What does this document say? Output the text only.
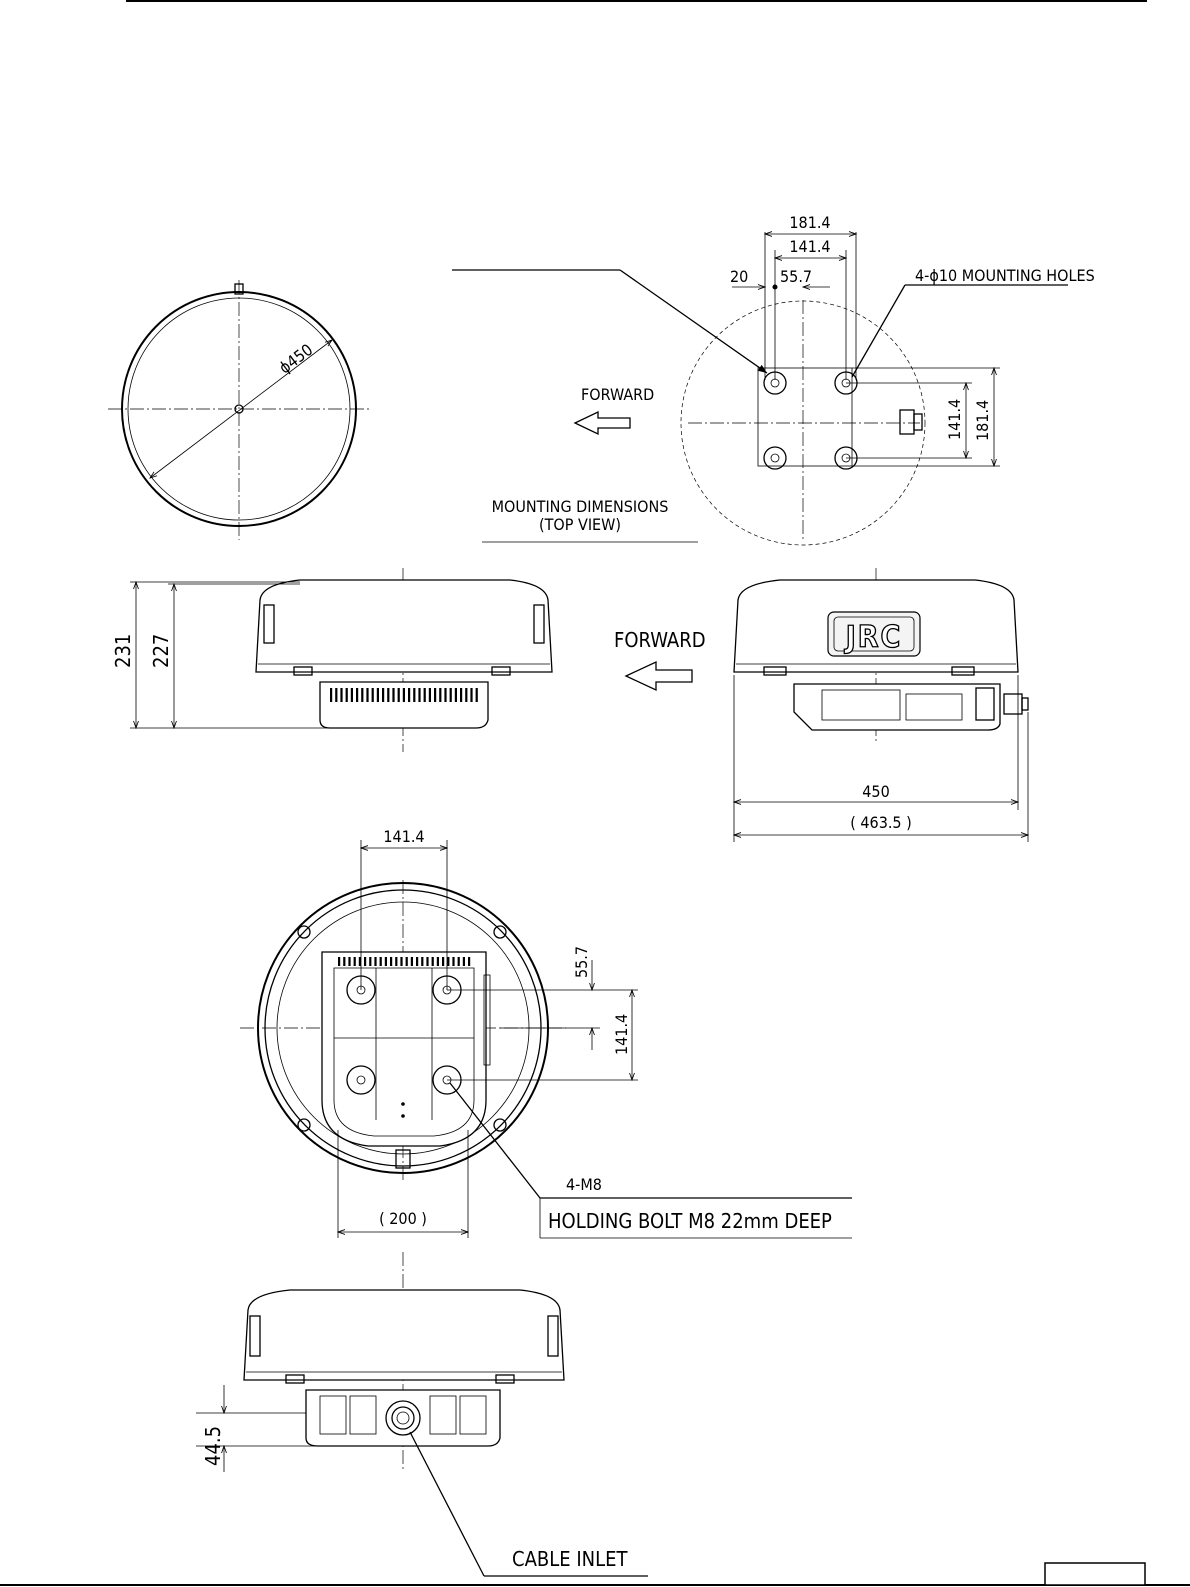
ϕ450
181.4
141.4
20 55.7	4-ϕ10 MOUNTING HOLES
141.4 181.4
FORWARD
MOUNTING DIMENSIONS
(TOP VIEW)
231 227	JRC
450
( 463.5 )
FORWARD
141.4
55.7
141.4
( 200 )
4-M8
HOLDING BOLT M8 22mm DEEP
44.5
CABLE INLET
